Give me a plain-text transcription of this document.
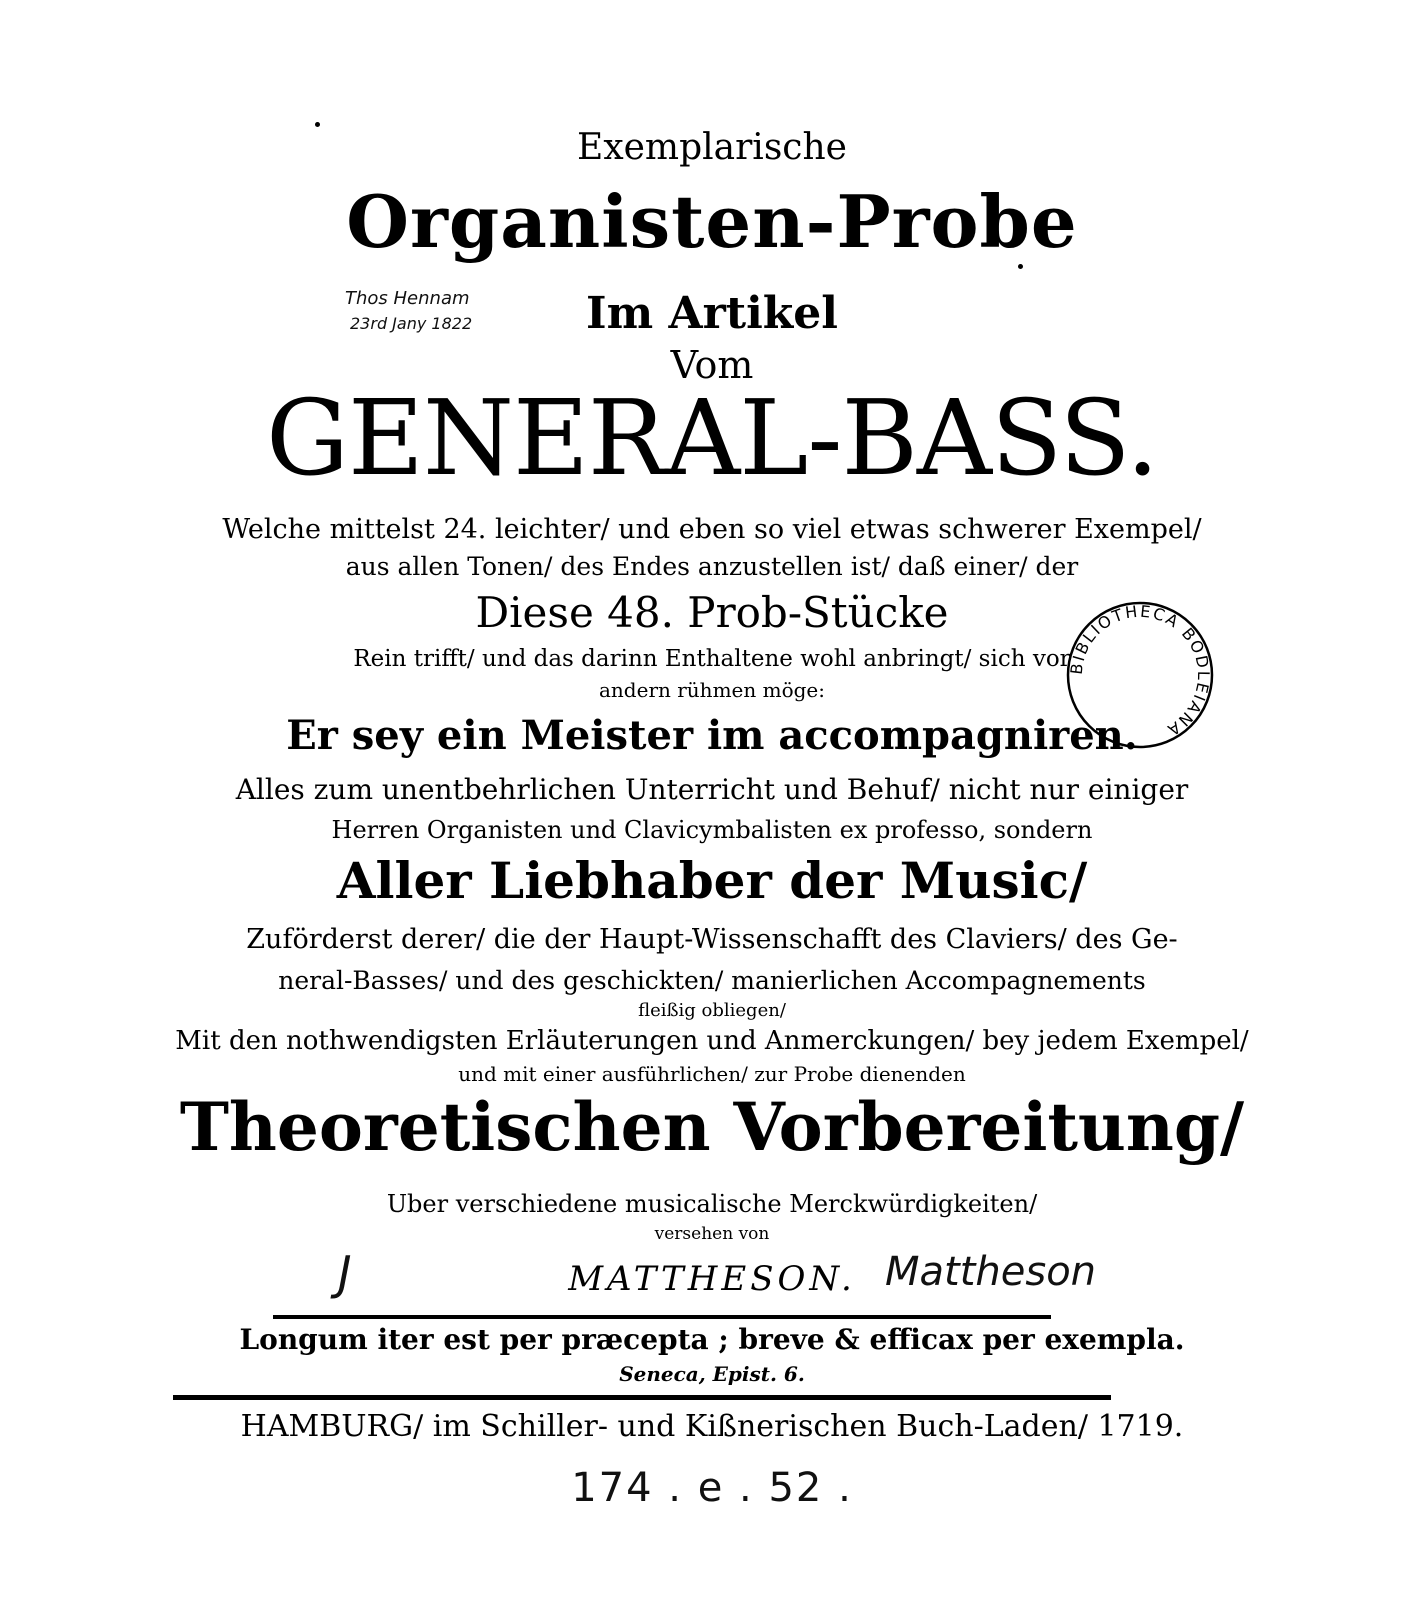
Exemplarische
Organisten-Probe
Thos Hennam
23rd Jany 1822	Im Artikel
Vom
GENERAL-BASS.
Welche mittelst 24. leichter/ und eben so viel etwas schwerer Exempel/
aus allen Tonen/ des Endes anzustellen ist/ daß einer/ der
Diese 48. Prob-Stücke
Rein trifft/ und das darinn Enthaltene wohl anbringt/ sich vor
andern rühmen möge:
Er sey ein Meister im accompagniren.
Alles zum unentbehrlichen Unterricht und Behuf/ nicht nur einiger
Herren Organisten und Clavicymbalisten ex professo, sondern
Aller Liebhaber der Music/
Zuförderst derer/ die der Haupt-Wissenschafft des Claviers/ des Ge-
neral-Basses/ und des geschickten/ manierlichen Accompagnements
fleißig obliegen/
Mit den nothwendigsten Erläuterungen und Anmerckungen/ bey jedem Exempel/
und mit einer ausführlichen/ zur Probe dienenden
Theoretischen Vorbereitung/
Uber verschiedene musicalische Merckwürdigkeiten/
versehen von
J	MATTHESON. Mattheson
Longum iter est per præcepta ; breve & efficax per exempla.
Seneca, Epist. 6.
HAMBURG/ im Schiller- und Kißnerischen Buch-Laden/ 1719.
174 . e . 52 .
BIBLIOTHECA BODLEIANA
